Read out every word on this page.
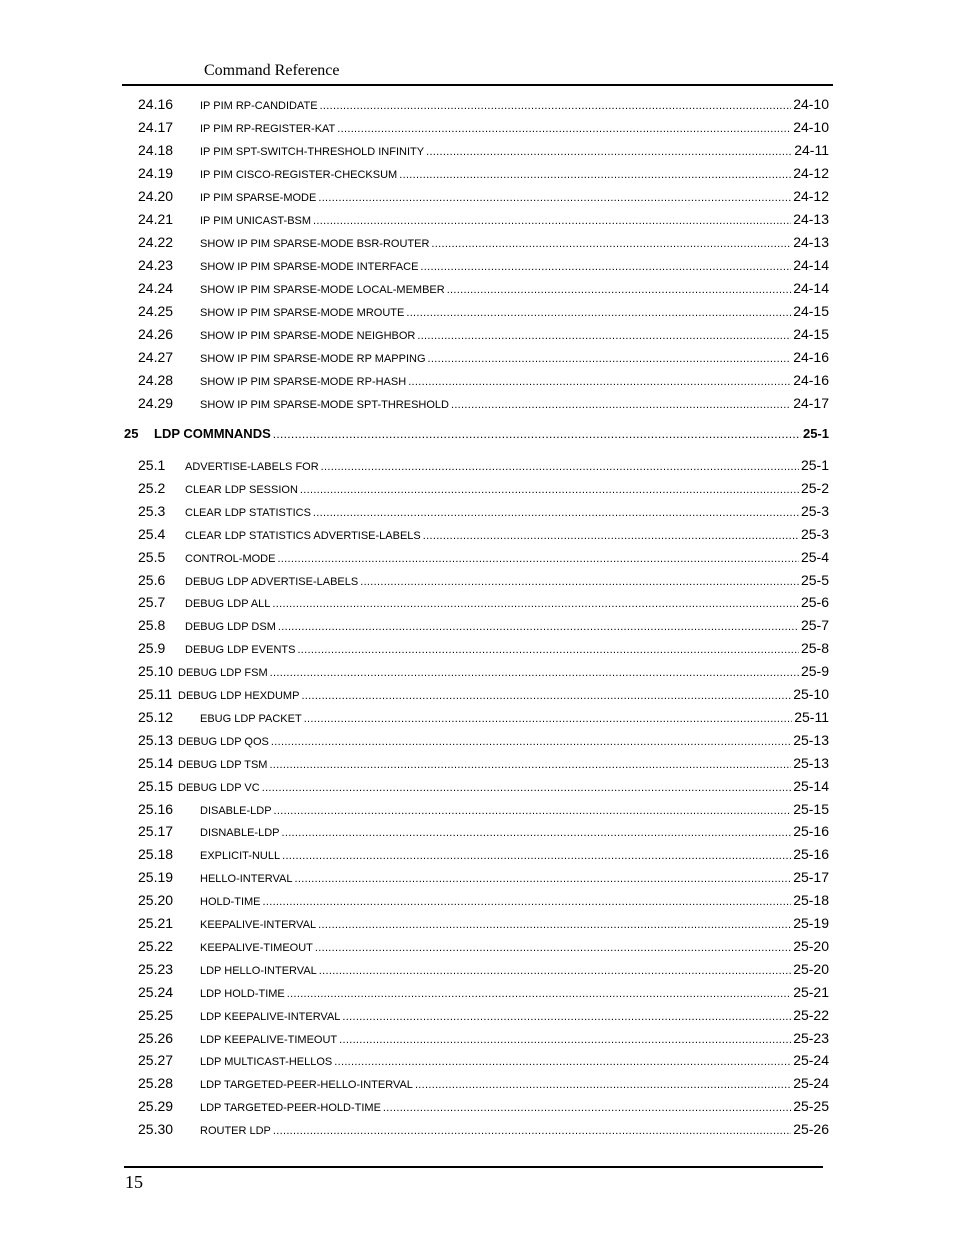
Command Reference
24.16	IP PIM RP-CANDIDATE .....	24-10
24.17	IP PIM RP-REGISTER-KAT .....	24-10
24.18	IP PIM SPT-SWITCH-THRESHOLD INFINITY .....	24-11
24.19	IP PIM CISCO-REGISTER-CHECKSUM .....	24-12
24.20	IP PIM SPARSE-MODE .....	24-12
24.21	IP PIM UNICAST-BSM .....	24-13
24.22	SHOW IP PIM SPARSE-MODE BSR-ROUTER .....	24-13
24.23	SHOW IP PIM SPARSE-MODE INTERFACE .....	24-14
24.24	SHOW IP PIM SPARSE-MODE LOCAL-MEMBER .....	24-14
24.25	SHOW IP PIM SPARSE-MODE MROUTE .....	24-15
24.26	SHOW IP PIM SPARSE-MODE NEIGHBOR .....	24-15
24.27	SHOW IP PIM SPARSE-MODE RP MAPPING .....	24-16
24.28	SHOW IP PIM SPARSE-MODE RP-HASH .....	24-16
24.29	SHOW IP PIM SPARSE-MODE SPT-THRESHOLD .....	24-17
25	LDP COMMNANDS .....	25-1
25.1	ADVERTISE-LABELS FOR .....	25-1
25.2	CLEAR LDP SESSION .....	25-2
25.3	CLEAR LDP STATISTICS .....	25-3
25.4	CLEAR LDP STATISTICS ADVERTISE-LABELS .....	25-3
25.5	CONTROL-MODE .....	25-4
25.6	DEBUG LDP ADVERTISE-LABELS .....	25-5
25.7	DEBUG LDP ALL .....	25-6
25.8	DEBUG LDP DSM .....	25-7
25.9	DEBUG LDP EVENTS .....	25-8
25.10 DEBUG LDP FSM .....	25-9
25.11 DEBUG LDP HEXDUMP .....	25-10
25.12	EBUG LDP PACKET .....	25-11
25.13 DEBUG LDP QOS .....	25-13
25.14 DEBUG LDP TSM .....	25-13
25.15 DEBUG LDP VC .....	25-14
25.16	DISABLE-LDP .....	25-15
25.17	DISNABLE-LDP .....	25-16
25.18	EXPLICIT-NULL .....	25-16
25.19	HELLO-INTERVAL .....	25-17
25.20	HOLD-TIME .....	25-18
25.21	KEEPALIVE-INTERVAL .....	25-19
25.22	KEEPALIVE-TIMEOUT .....	25-20
25.23	LDP HELLO-INTERVAL .....	25-20
25.24	LDP HOLD-TIME .....	25-21
25.25	LDP KEEPALIVE-INTERVAL .....	25-22
25.26	LDP KEEPALIVE-TIMEOUT .....	25-23
25.27	LDP MULTICAST-HELLOS .....	25-24
25.28	LDP TARGETED-PEER-HELLO-INTERVAL .....	25-24
25.29	LDP TARGETED-PEER-HOLD-TIME .....	25-25
25.30	ROUTER LDP .....	25-26
15
